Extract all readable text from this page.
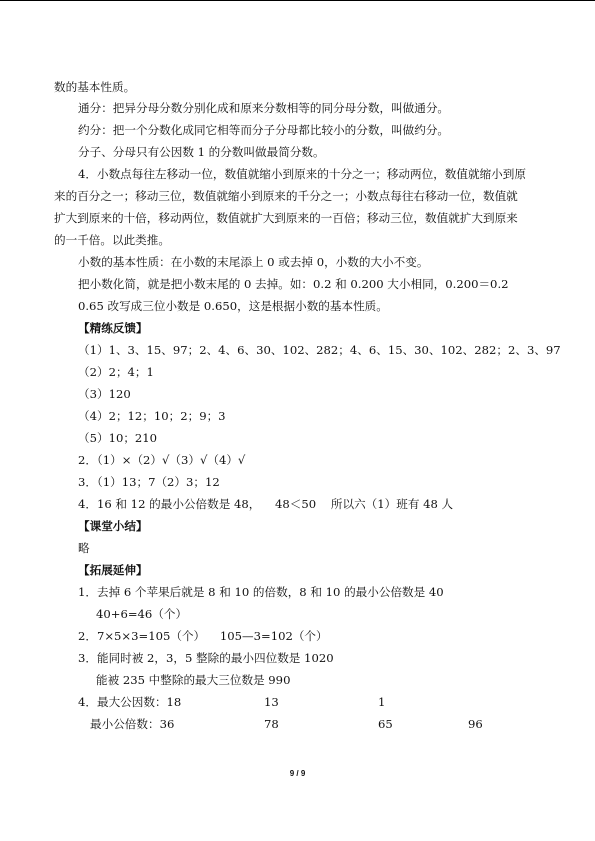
数的基本性质。
通分：把异分母分数分别化成和原来分数相等的同分母分数，叫做通分。
约分：把一个分数化成同它相等而分子分母都比较小的分数，叫做约分。
分子、分母只有公因数 1 的分数叫做最简分数。
4．小数点每往左移动一位，数值就缩小到原来的十分之一；移动两位，数值就缩小到原
来的百分之一；移动三位，数值就缩小到原来的千分之一；小数点每往右移动一位，数值就
扩大到原来的十倍，移动两位，数值就扩大到原来的一百倍；移动三位，数值就扩大到原来
的一千倍。以此类推。
小数的基本性质：在小数的末尾添上 0 或去掉 0，小数的大小不变。
把小数化简，就是把小数末尾的 0 去掉。如：0.2 和 0.200 大小相同，0.200＝0.2
0.65 改写成三位小数是 0.650，这是根据小数的基本性质。
【精练反馈】
（1）1、3、15、97；2、4、6、30、102、282；4、6、15、30、102、282；2、3、97
（2）2；4；1
（3）120
（4）2；12；10；2；9；3
（5）10；210
2．（1）×（2）√（3）√（4）√
3．（1）13；7（2）3；12
4．16 和 12 的最小公倍数是 48，    48＜50    所以六（1）班有 48 人
【课堂小结】
略
【拓展延伸】
1．去掉 6 个苹果后就是 8 和 10 的倍数，8 和 10 的最小公倍数是 40
40+6=46（个）
2．7×5×3=105（个）    105—3=102（个）
3．能同时被 2，3，5 整除的最小四位数是 1020
能被 235 中整除的最大三位数是 990
4．最大公因数：18	13	1
最小公倍数：36	78	65	96
9 / 9
